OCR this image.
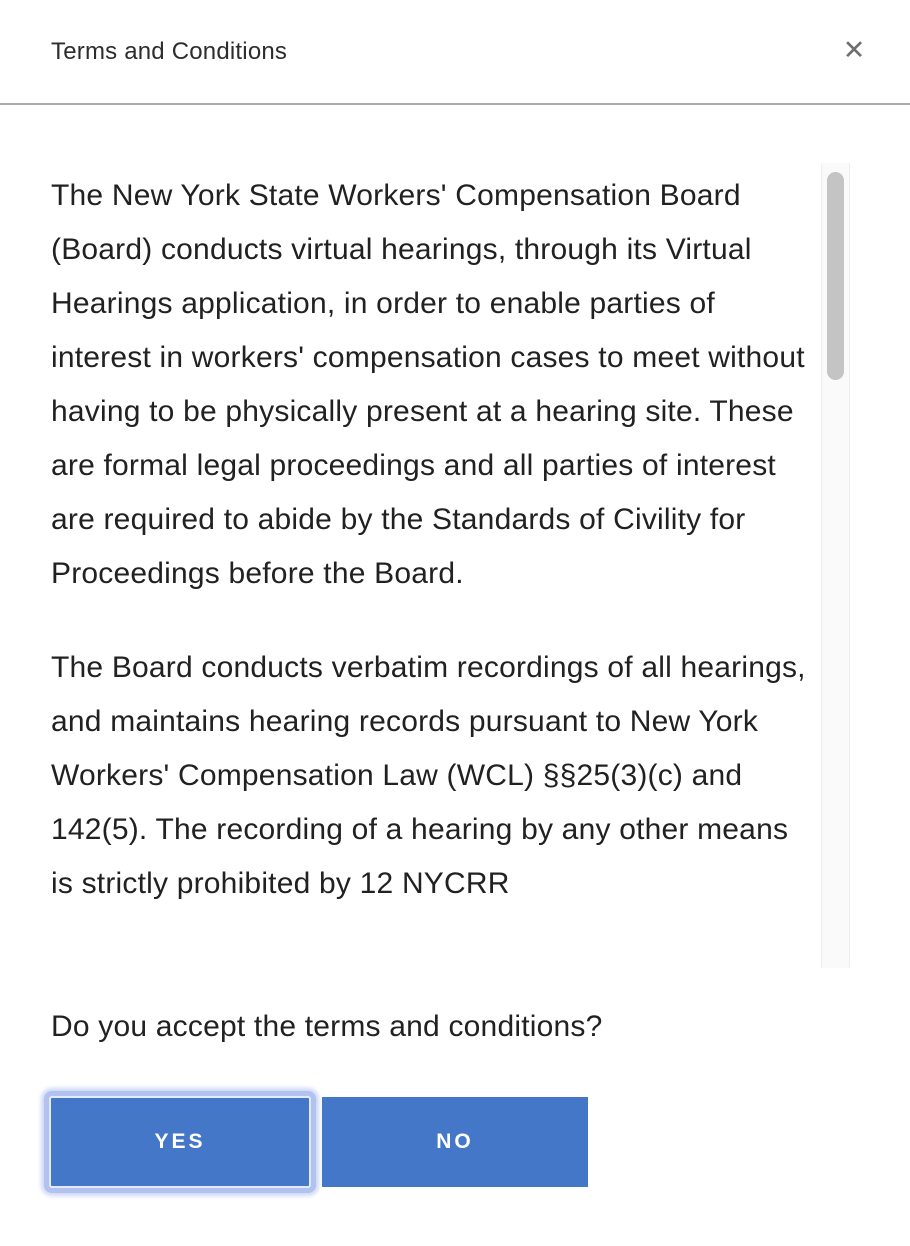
Terms and Conditions	✕

The New York State Workers' Compensation Board (Board) conducts virtual hearings, through its Virtual Hearings application, in order to enable parties of interest in workers' compensation cases to meet without having to be physically present at a hearing site. These are formal legal proceedings and all parties of interest are required to abide by the Standards of Civility for Proceedings before the Board.

The Board conducts verbatim recordings of all hearings, and maintains hearing records pursuant to New York Workers' Compensation Law (WCL) §§25(3)(c) and 142(5). The recording of a hearing by any other means is strictly prohibited by 12 NYCRR

Do you accept the terms and conditions?
YES	NO
